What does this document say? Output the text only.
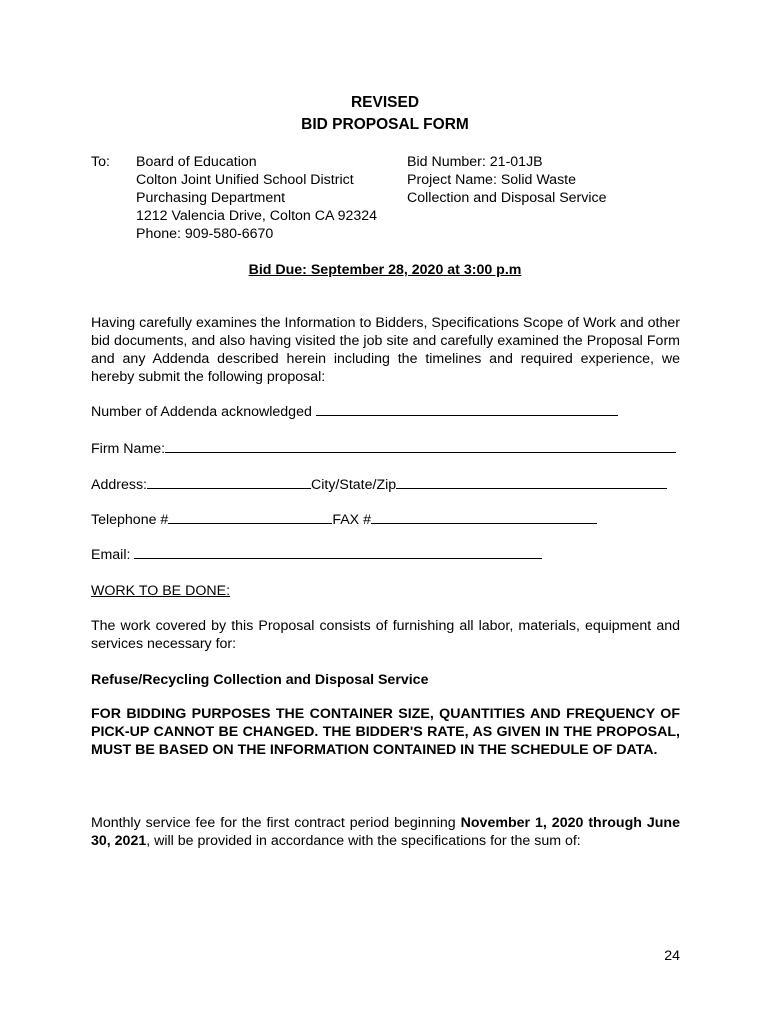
REVISED
BID PROPOSAL FORM
To: Board of Education
Colton Joint Unified School District
Purchasing Department
1212 Valencia Drive, Colton CA 92324
Phone: 909-580-6670
Bid Number: 21-01JB
Project Name: Solid Waste
Collection and Disposal Service
Bid Due: September 28, 2020 at 3:00 p.m
Having carefully examines the Information to Bidders, Specifications Scope of Work and other bid documents, and also having visited the job site and carefully examined the Proposal Form and any Addenda described herein including the timelines and required experience, we hereby submit the following proposal:
Number of Addenda acknowledged
Firm Name:
Address:	City/State/Zip
Telephone #	FAX #
Email:
WORK TO BE DONE:
The work covered by this Proposal consists of furnishing all labor, materials, equipment and services necessary for:
Refuse/Recycling Collection and Disposal Service
FOR BIDDING PURPOSES THE CONTAINER SIZE, QUANTITIES AND FREQUENCY OF PICK-UP CANNOT BE CHANGED. THE BIDDER'S RATE, AS GIVEN IN THE PROPOSAL, MUST BE BASED ON THE INFORMATION CONTAINED IN THE SCHEDULE OF DATA.
Monthly service fee for the first contract period beginning November 1, 2020 through June 30, 2021, will be provided in accordance with the specifications for the sum of:
24
